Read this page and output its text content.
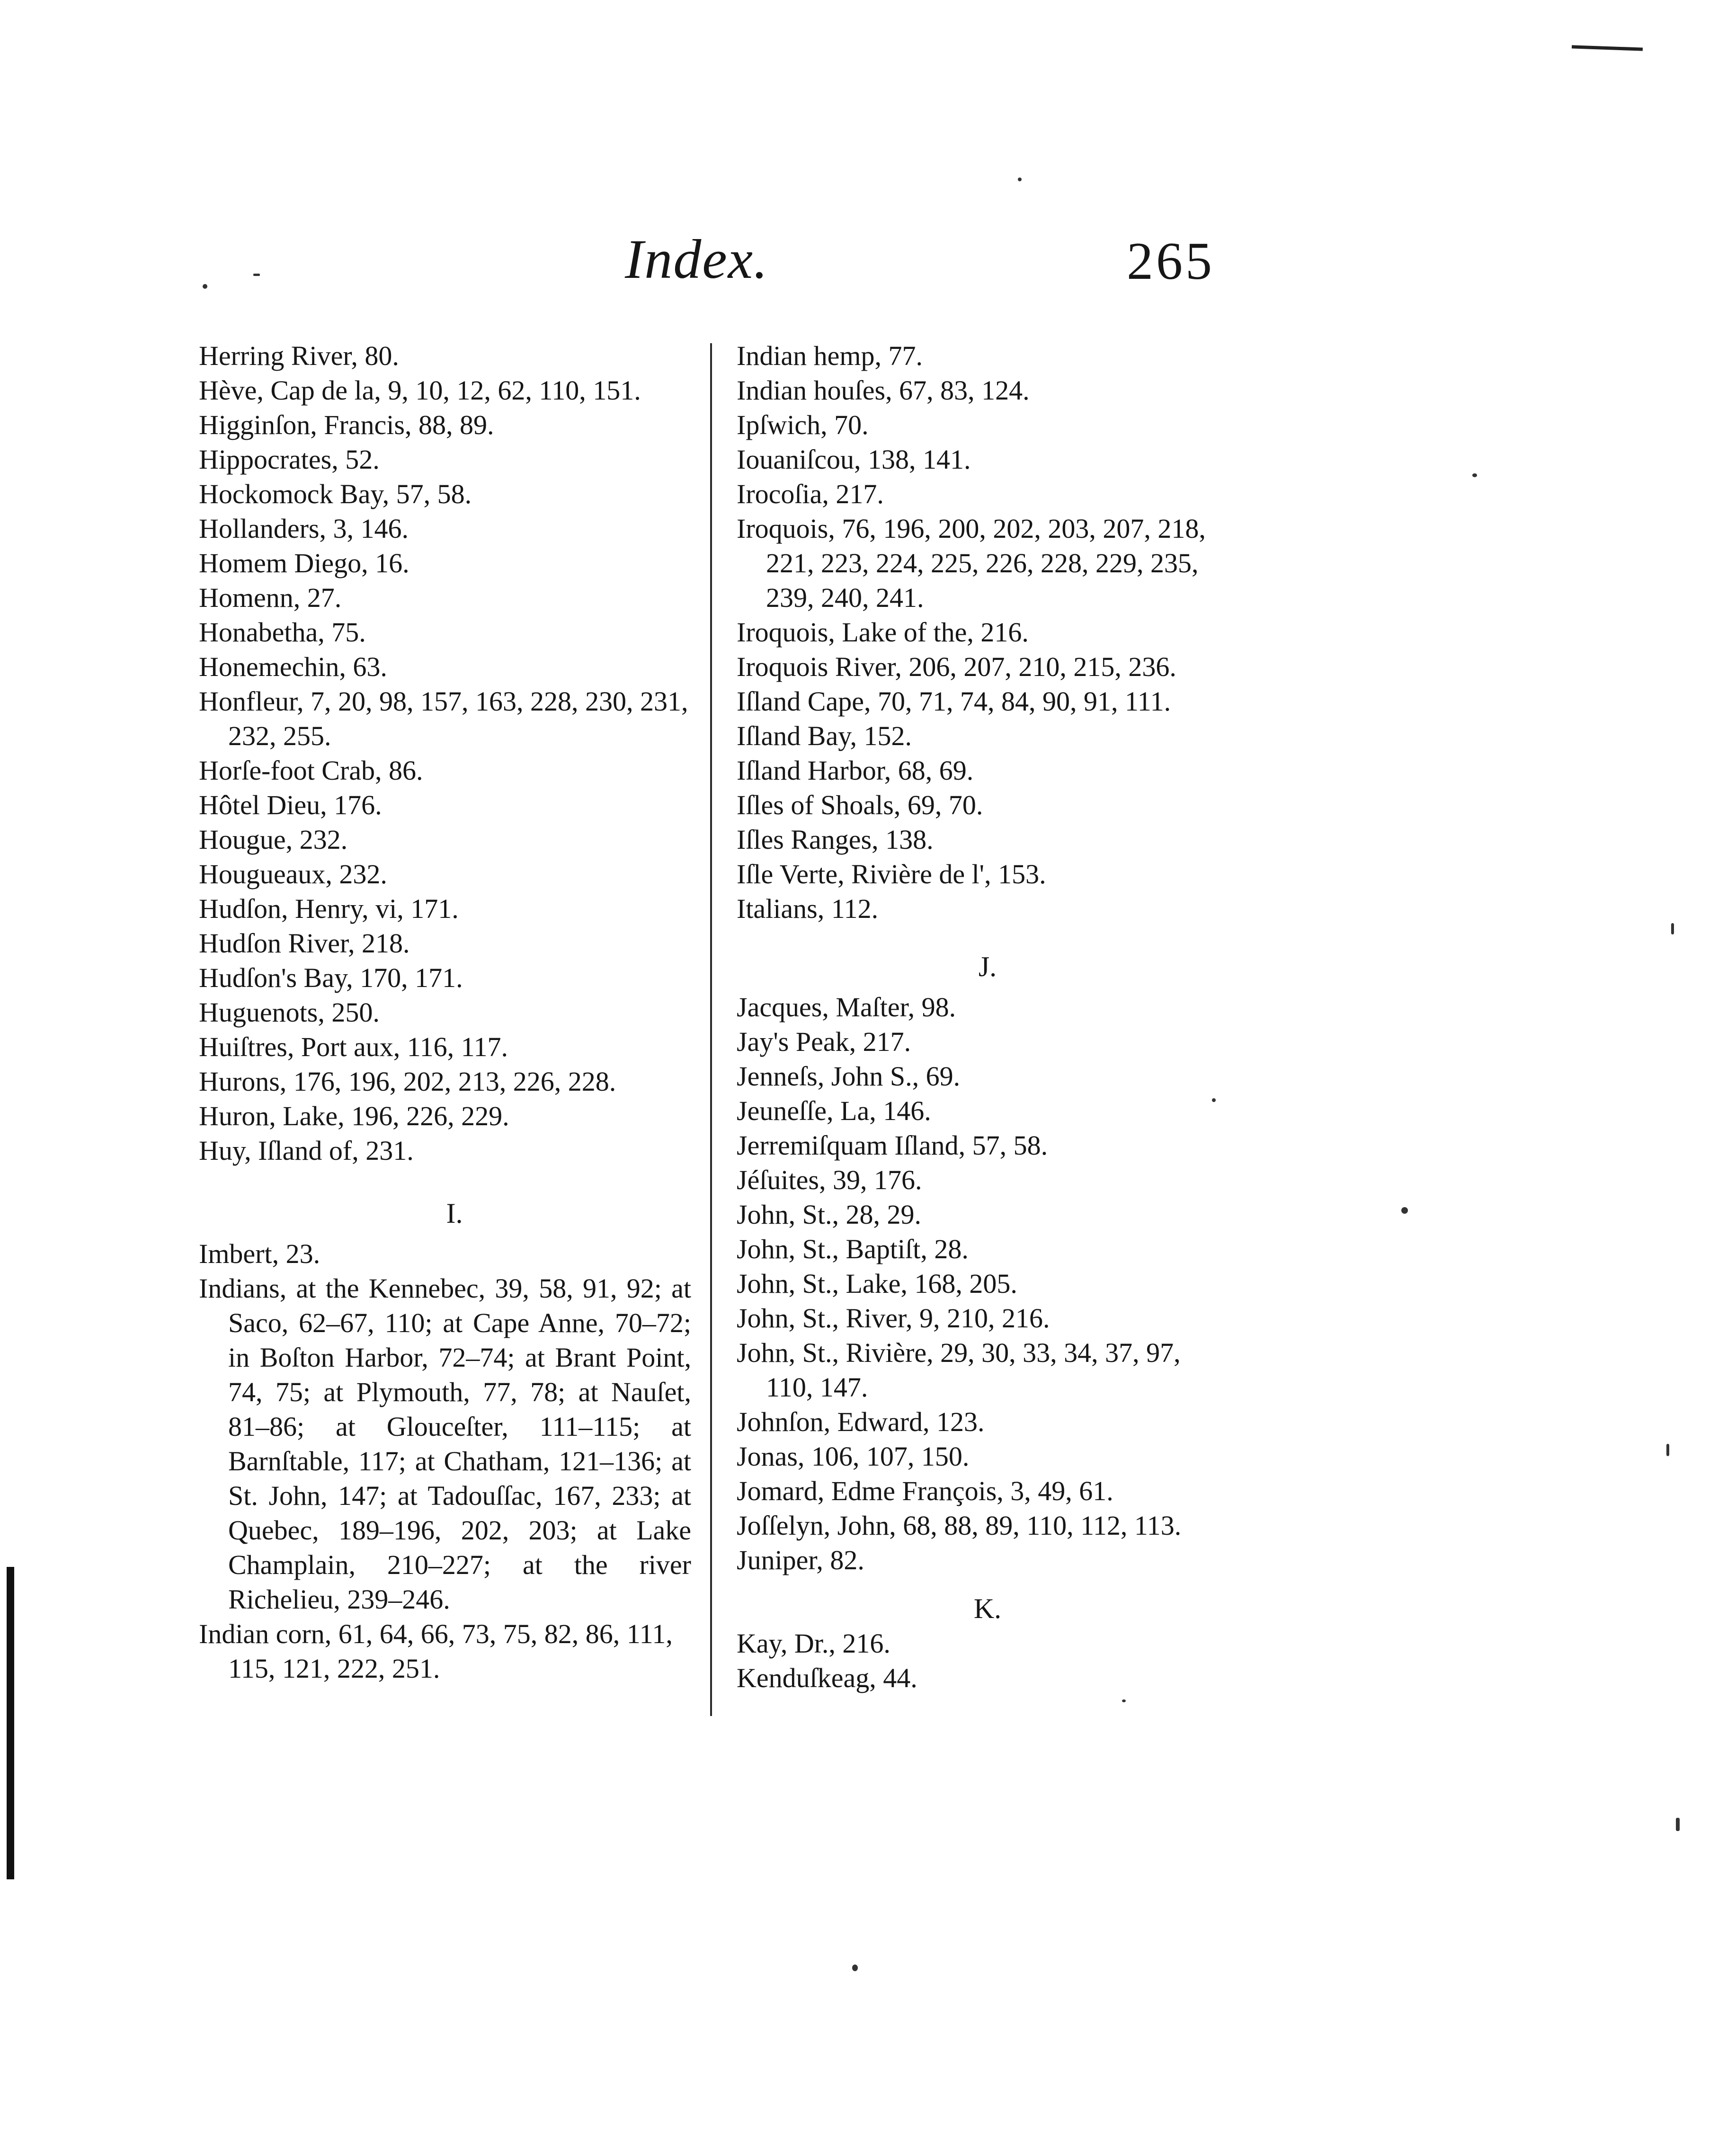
Index.	265

Herring River, 80.

Hève, Cap de la, 9, 10, 12, 62, 110, 151.

Higginſon, Francis, 88, 89.

Hippocrates, 52.

Hockomock Bay, 57, 58.

Hollanders, 3, 146.

Homem Diego, 16.

Homenn, 27.

Honabetha, 75.

Honemechin, 63.

Honfleur, 7, 20, 98, 157, 163, 228, 230, 231, 232, 255.

Horſe-foot Crab, 86.

Hôtel Dieu, 176.

Hougue, 232.

Hougueaux, 232.

Hudſon, Henry, vi, 171.

Hudſon River, 218.

Hudſon's Bay, 170, 171.

Huguenots, 250.

Huiſtres, Port aux, 116, 117.

Hurons, 176, 196, 202, 213, 226, 228.

Huron, Lake, 196, 226, 229.

Huy, Iſland of, 231.

I.

Imbert, 23.

Indians, at the Kennebec, 39, 58, 91, 92; at Saco, 62–67, 110; at Cape Anne, 70–72; in Boſton Harbor, 72–74; at Brant Point, 74, 75; at Plymouth, 77, 78; at Nauſet, 81–86; at Glouceſter, 111–115; at Barnſtable, 117; at Chatham, 121–136; at St. John, 147; at Tadouſſac, 167, 233; at Quebec, 189–196, 202, 203; at Lake Champlain, 210–227; at the river Richelieu, 239–246.

Indian corn, 61, 64, 66, 73, 75, 82, 86, 111, 115, 121, 222, 251.

Indian hemp, 77.

Indian houſes, 67, 83, 124.

Ipſwich, 70.

Iouaniſcou, 138, 141.

Irocoſia, 217.

Iroquois, 76, 196, 200, 202, 203, 207, 218, 221, 223, 224, 225, 226, 228, 229, 235, 239, 240, 241.

Iroquois, Lake of the, 216.

Iroquois River, 206, 207, 210, 215, 236.

Iſland Cape, 70, 71, 74, 84, 90, 91, 111.

Iſland Bay, 152.

Iſland Harbor, 68, 69.

Iſles of Shoals, 69, 70.

Iſles Ranges, 138.

Iſle Verte, Rivière de l', 153.

Italians, 112.

J.

Jacques, Maſter, 98.

Jay's Peak, 217.

Jenneſs, John S., 69.

Jeuneſſe, La, 146.

Jerremiſquam Iſland, 57, 58.

Jéſuites, 39, 176.

John, St., 28, 29.

John, St., Baptiſt, 28.

John, St., Lake, 168, 205.

John, St., River, 9, 210, 216.

John, St., Rivière, 29, 30, 33, 34, 37, 97, 110, 147.

Johnſon, Edward, 123.

Jonas, 106, 107, 150.

Jomard, Edme François, 3, 49, 61.

Joſſelyn, John, 68, 88, 89, 110, 112, 113.

Juniper, 82.

K.

Kay, Dr., 216.

Kenduſkeag, 44.
